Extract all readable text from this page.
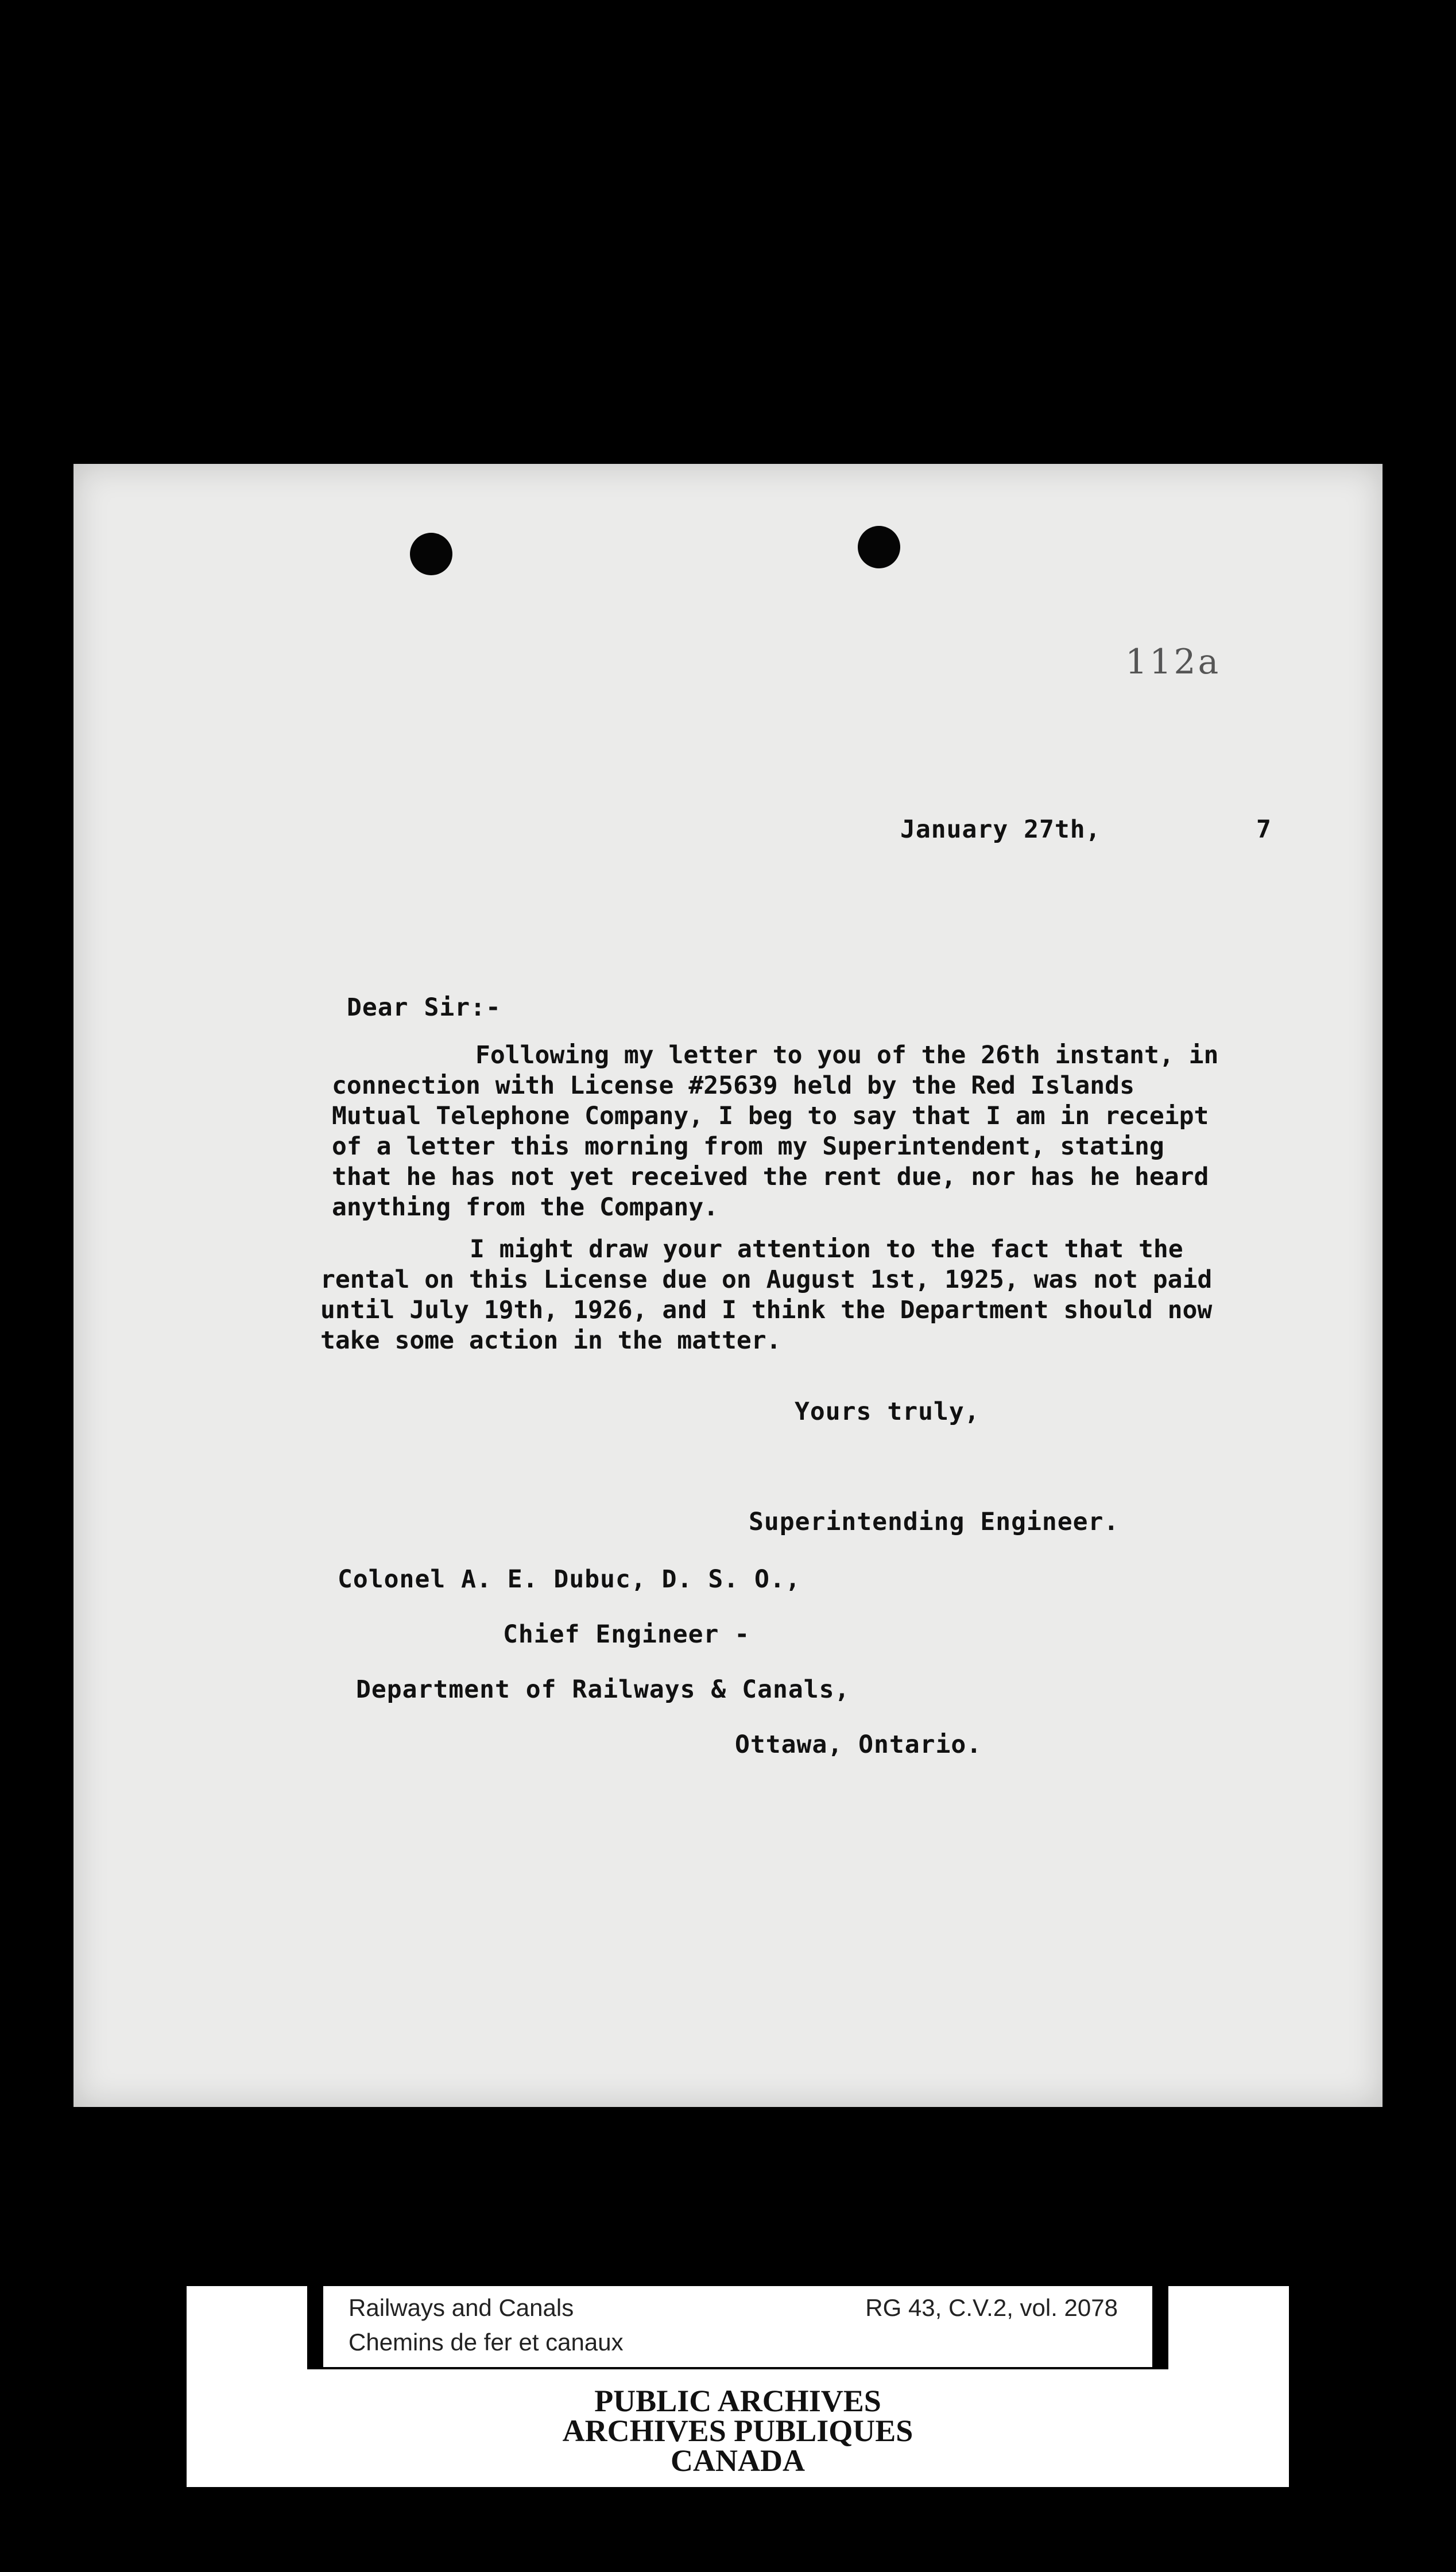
112a
January 27th,	7
Dear Sir:-
Following my letter to you of the 26th instant, in
connection with License #25639 held by the Red Islands
Mutual Telephone Company, I beg to say that I am in receipt
of a letter this morning from my Superintendent, stating
that he has not yet received the rent due, nor has he heard
anything from the Company.
I might draw your attention to the fact that the
rental on this License due on August 1st, 1925, was not paid
until July 19th, 1926, and I think the Department should now
take some action in the matter.
Yours truly,
Superintending Engineer.
Colonel A. E. Dubuc, D. S. O.,
Chief Engineer -
Department of Railways & Canals,
Ottawa, Ontario.
Railways and Canals
Chemins de fer et canaux
RG 43, C.V.2, vol. 2078
PUBLIC ARCHIVES
ARCHIVES PUBLIQUES
CANADA
